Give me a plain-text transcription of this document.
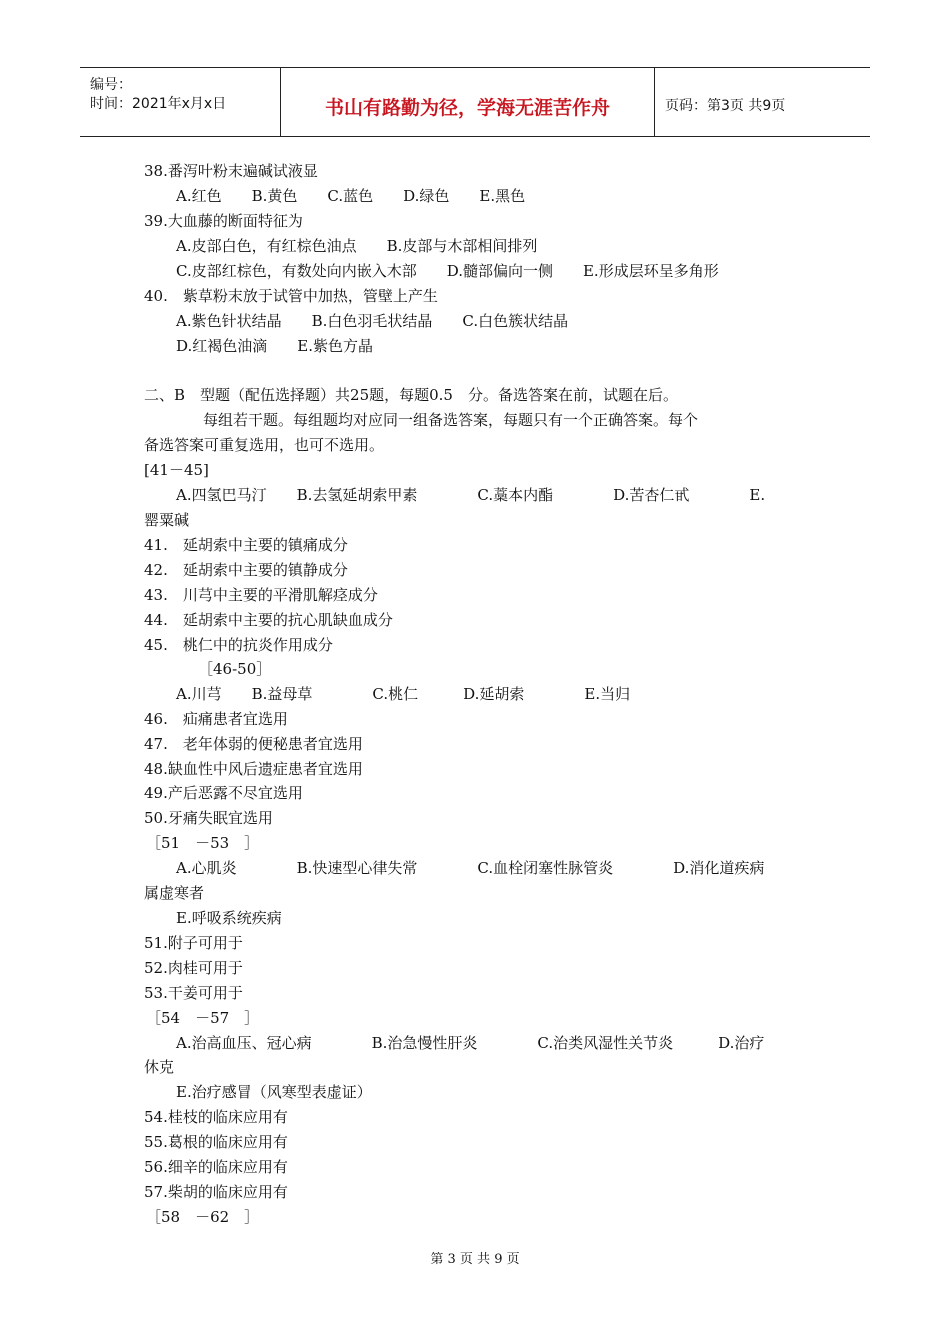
编号：
时间：2021年x月x日	书山有路勤为径，学海无涯苦作舟	页码：第3页 共9页
38.番泻叶粉末遍碱试液显
A.红色　　B.黄色　　C.蓝色　　D.绿色　　E.黑色
39.大血藤的断面特征为
A.皮部白色，有红棕色油点　　B.皮部与木部相间排列
C.皮部红棕色，有数处向内嵌入木部　　D.髓部偏向一侧　　E.形成层环呈多角形
40.　紫草粉末放于试管中加热，管壁上产生
A.紫色针状结晶　　B.白色羽毛状结晶　　C.白色簇状结晶
D.红褐色油滴　　E.紫色方晶
二、B　型题（配伍选择题）共25题，每题0.5　分。备选答案在前，试题在后。
每组若干题。每组题均对应同一组备选答案，每题只有一个正确答案。每个
备选答案可重复选用，也可不选用。
[41－45]
A.四氢巴马汀　　B.去氢延胡索甲素　　　　C.藁本内酯　　　　D.苦杏仁甙　　　　E.
罂粟碱
41.　延胡索中主要的镇痛成分
42.　延胡索中主要的镇静成分
43.　川芎中主要的平滑肌解痉成分
44.　延胡索中主要的抗心肌缺血成分
45.　桃仁中的抗炎作用成分
［46-50］
A.川芎　　B.益母草　　　　C.桃仁　　　D.延胡索　　　　E.当归
46.　疝痛患者宜选用
47.　老年体弱的便秘患者宜选用
48.缺血性中风后遗症患者宜选用
49.产后恶露不尽宜选用
50.牙痛失眠宜选用
［51　－53　］
A.心肌炎　　　　B.快速型心律失常　　　　C.血栓闭塞性脉管炎　　　　D.消化道疾病
属虚寒者
E.呼吸系统疾病
51.附子可用于
52.肉桂可用于
53.干姜可用于
［54　－57　］
A.治高血压、冠心病　　　　B.治急慢性肝炎　　　　C.治类风湿性关节炎　　　D.治疗
休克
E.治疗感冒（风寒型表虚证）
54.桂枝的临床应用有
55.葛根的临床应用有
56.细辛的临床应用有
57.柴胡的临床应用有
［58　－62　］
第 3 页 共 9 页
